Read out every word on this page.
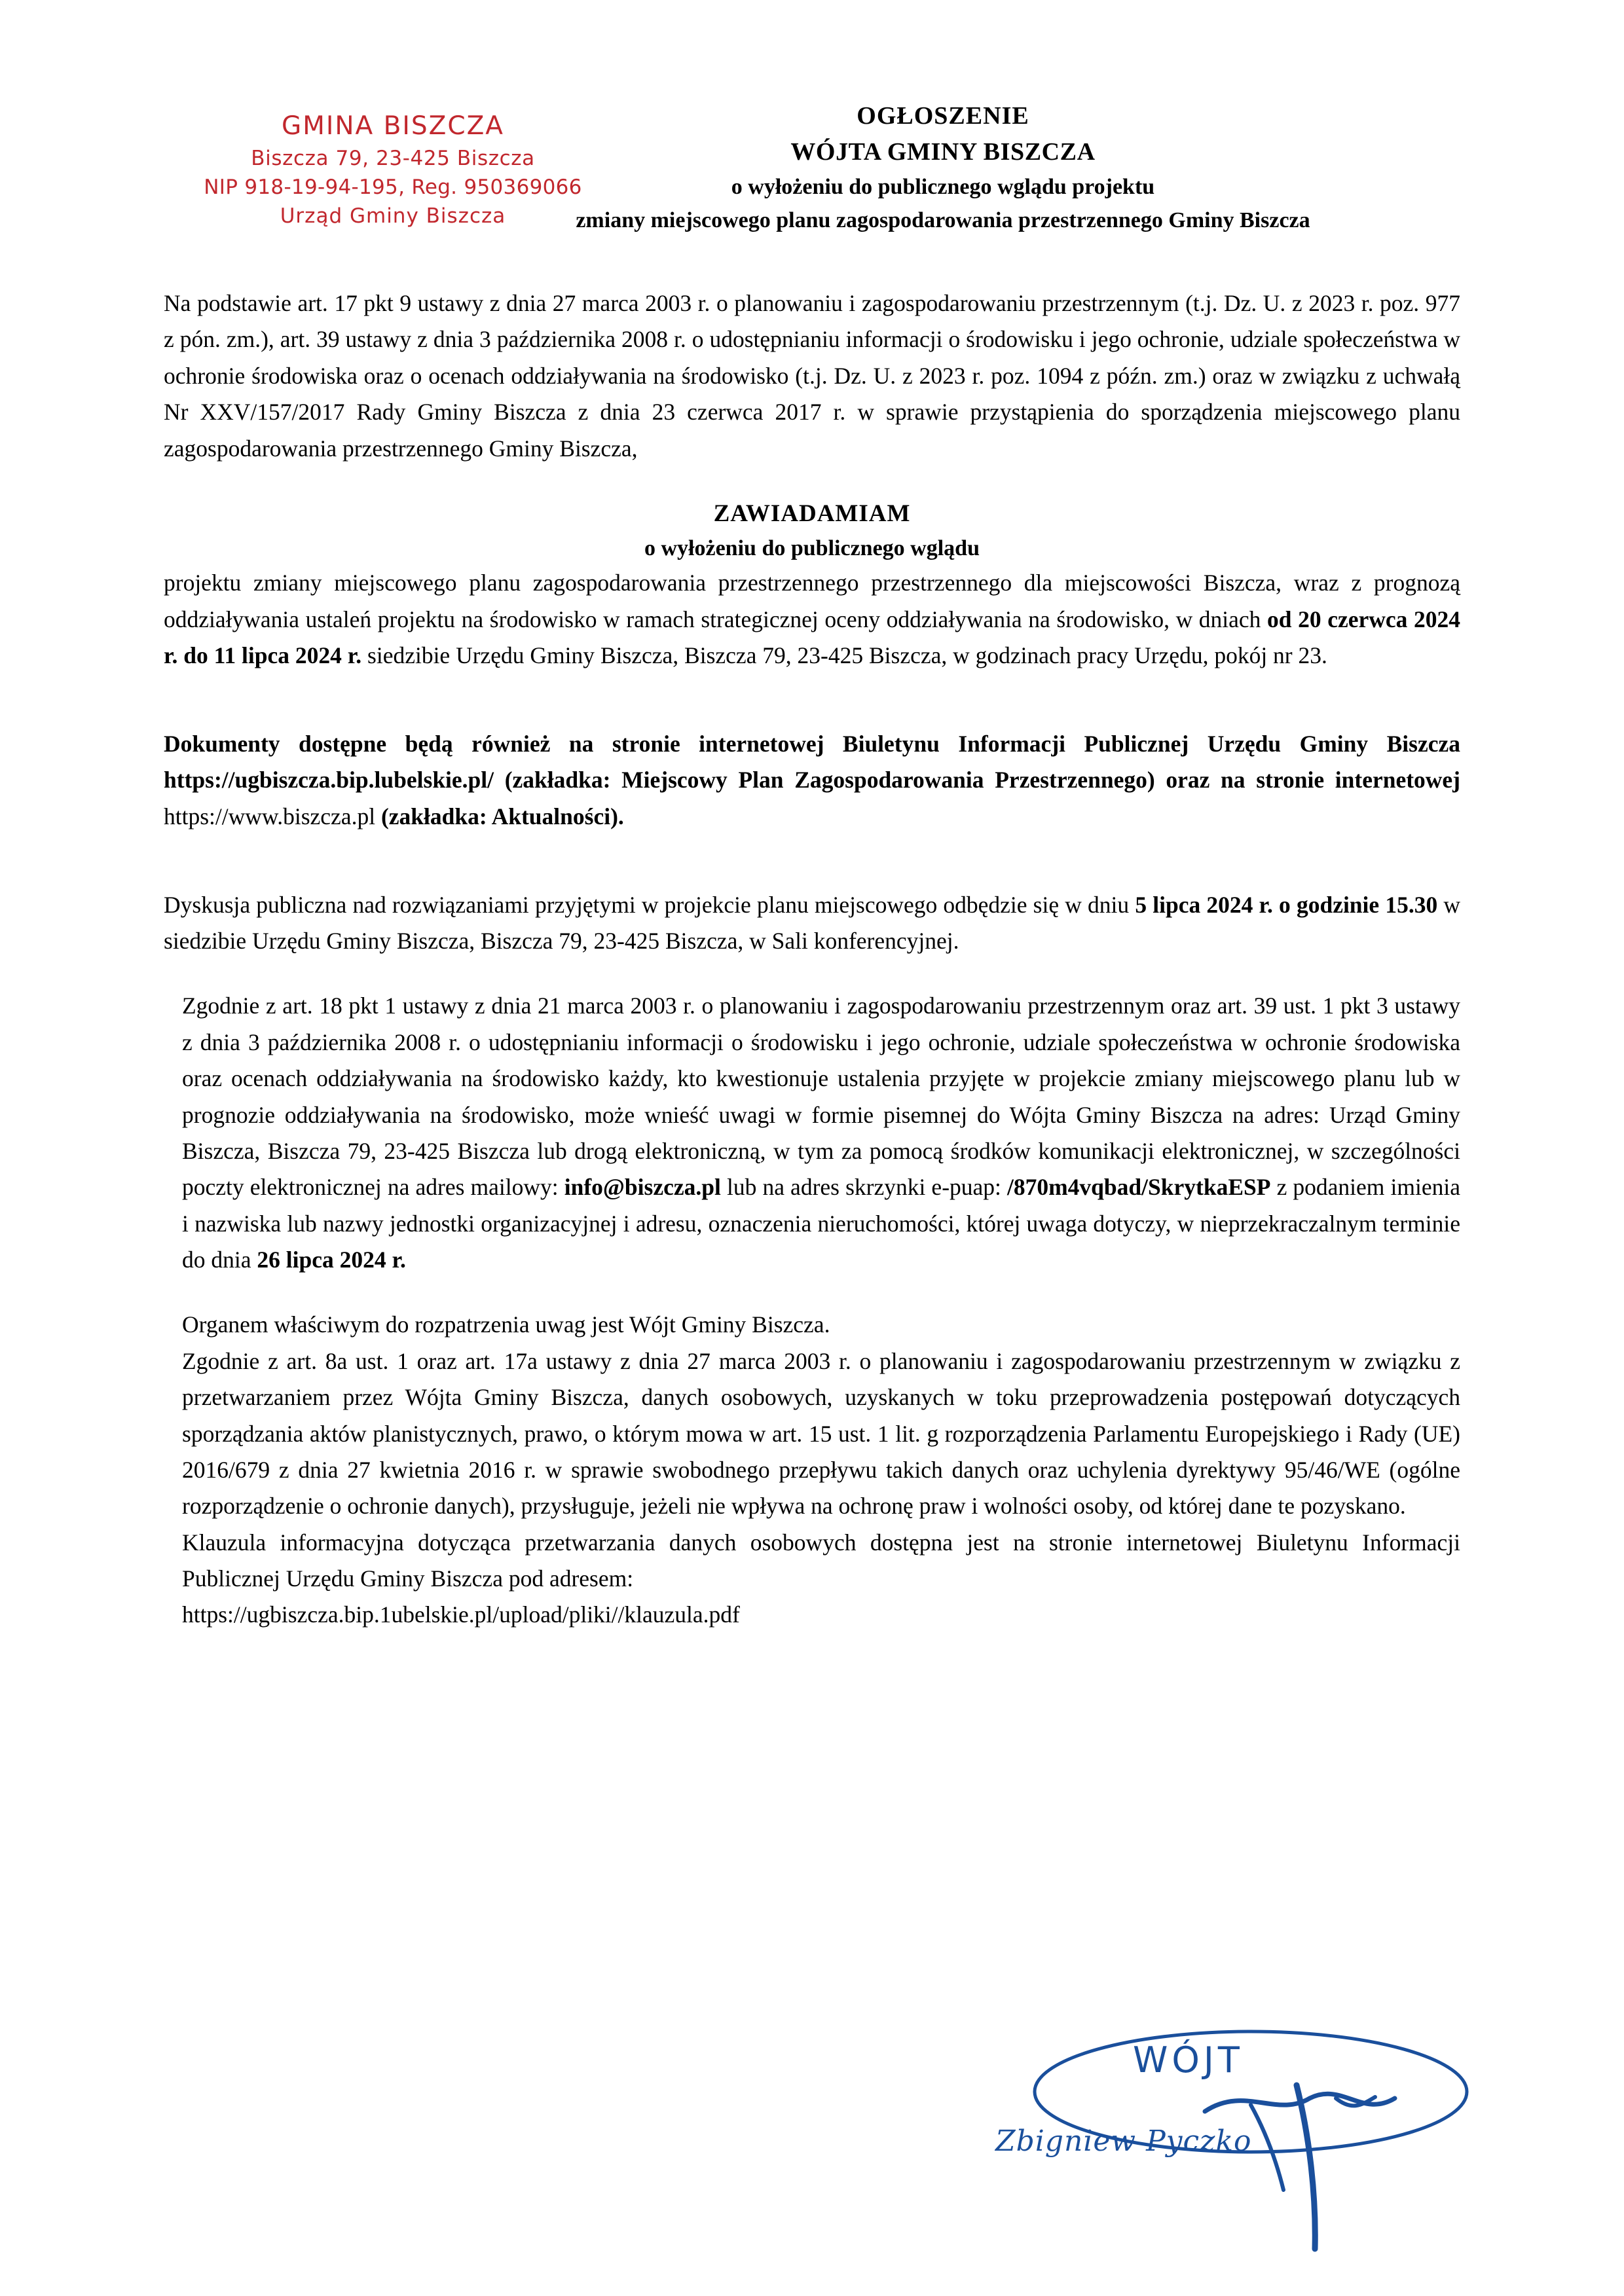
GMINA BISZCZA
Biszcza 79, 23-425 Biszcza
NIP 918-19-94-195, Reg. 950369066
Urząd Gminy Biszcza
OGŁOSZENIE
WÓJTA GMINY BISZCZA
o wyłożeniu do publicznego wglądu projektu
zmiany miejscowego planu zagospodarowania przestrzennego Gminy Biszcza

Na podstawie art. 17 pkt 9 ustawy z dnia 27 marca 2003 r. o planowaniu i zagospodarowaniu przestrzennym (t.j. Dz. U. z 2023 r. poz. 977 z pón. zm.), art. 39 ustawy z dnia 3 października 2008 r. o udostępnianiu informacji o środowisku i jego ochronie, udziale społeczeństwa w ochronie środowiska oraz o ocenach oddziaływania na środowisko (t.j. Dz. U. z 2023 r. poz. 1094 z późn. zm.) oraz w związku z uchwałą Nr XXV/157/2017 Rady Gminy Biszcza z dnia 23 czerwca 2017 r. w sprawie przystąpienia do sporządzenia miejscowego planu zagospodarowania przestrzennego Gminy Biszcza,

ZAWIADAMIAM
o wyłożeniu do publicznego wglądu

projektu zmiany miejscowego planu zagospodarowania przestrzennego przestrzennego dla miejscowości Biszcza, wraz z prognozą oddziaływania ustaleń projektu na środowisko w ramach strategicznej oceny oddziaływania na środowisko, w dniach od 20 czerwca 2024 r. do 11 lipca 2024 r. siedzibie Urzędu Gminy Biszcza, Biszcza 79, 23-425 Biszcza, w godzinach pracy Urzędu, pokój nr 23.

Dokumenty dostępne będą również na stronie internetowej Biuletynu Informacji Publicznej Urzędu Gminy Biszcza https://ugbiszcza.bip.lubelskie.pl/ (zakładka: Miejscowy Plan Zagospodarowania Przestrzennego) oraz na stronie internetowej https://www.biszcza.pl (zakładka: Aktualności).

Dyskusja publiczna nad rozwiązaniami przyjętymi w projekcie planu miejscowego odbędzie się w dniu 5 lipca 2024 r. o godzinie 15.30 w siedzibie Urzędu Gminy Biszcza, Biszcza 79, 23-425 Biszcza, w Sali konferencyjnej.

Zgodnie z art. 18 pkt 1 ustawy z dnia 21 marca 2003 r. o planowaniu i zagospodarowaniu przestrzennym oraz art. 39 ust. 1 pkt 3 ustawy z dnia 3 października 2008 r. o udostępnianiu informacji o środowisku i jego ochronie, udziale społeczeństwa w ochronie środowiska oraz ocenach oddziaływania na środowisko każdy, kto kwestionuje ustalenia przyjęte w projekcie zmiany miejscowego planu lub w prognozie oddziaływania na środowisko, może wnieść uwagi w formie pisemnej do Wójta Gminy Biszcza na adres: Urząd Gminy Biszcza, Biszcza 79, 23-425 Biszcza lub drogą elektroniczną, w tym za pomocą środków komunikacji elektronicznej, w szczególności poczty elektronicznej na adres mailowy: info@biszcza.pl lub na adres skrzynki e-puap: /870m4vqbad/SkrytkaESP z podaniem imienia i nazwiska lub nazwy jednostki organizacyjnej i adresu, oznaczenia nieruchomości, której uwaga dotyczy, w nieprzekraczalnym terminie do dnia 26 lipca 2024 r.

Organem właściwym do rozpatrzenia uwag jest Wójt Gminy Biszcza.

Zgodnie z art. 8a ust. 1 oraz art. 17a ustawy z dnia 27 marca 2003 r. o planowaniu i zagospodarowaniu przestrzennym w związku z przetwarzaniem przez Wójta Gminy Biszcza, danych osobowych, uzyskanych w toku przeprowadzenia postępowań dotyczących sporządzania aktów planistycznych, prawo, o którym mowa w art. 15 ust. 1 lit. g rozporządzenia Parlamentu Europejskiego i Rady (UE) 2016/679 z dnia 27 kwietnia 2016 r. w sprawie swobodnego przepływu takich danych oraz uchylenia dyrektywy 95/46/WE (ogólne rozporządzenie o ochronie danych), przysługuje, jeżeli nie wpływa na ochronę praw i wolności osoby, od której dane te pozyskano.

Klauzula informacyjna dotycząca przetwarzania danych osobowych dostępna jest na stronie internetowej Biuletynu Informacji Publicznej Urzędu Gminy Biszcza pod adresem:

https://ugbiszcza.bip.1ubelskie.pl/upload/pliki//klauzula.pdf

WÓJT
Zbigniew Pyczko
